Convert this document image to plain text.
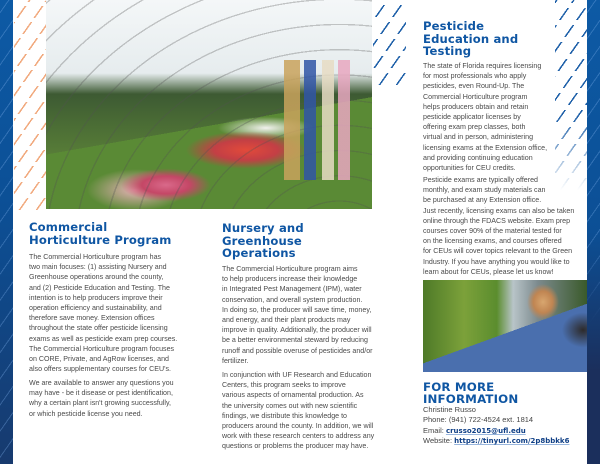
Commercial
Horticulture Program
The Commercial Horticulture program has
two main focuses: (1) assisting Nursery and
Greenhouse operations around the county,
and (2) Pesticide Education and Testing. The
intention is to help producers improve their
operation efficiency and sustainability, and
therefore save money. Extension offices
throughout the state offer pesticide licensing
exams as well as pesticide exam prep courses.
The Commercial Horticulture program focuses
on CORE, Private, and AgRow licenses, and
also offers supplementary courses for CEU's.
We are available to answer any questions you
may have - be it disease or pest identification,
why a certain plant isn't growing successfully,
or which pesticide license you need.
Nursery and
Greenhouse
Operations
The Commercial Horticulture program aims
to help producers increase their knowledge
in Integrated Pest Management (IPM), water
conservation, and overall system production.
In doing so, the producer will save time, money,
and energy, and their plant products may
improve in quality. Additionally, the producer will
be a better environmental steward by reducing
runoff and possible overuse of pesticides and/or
fertilizer.
In conjunction with UF Research and Education
Centers, this program seeks to improve
various aspects of ornamental production. As
the university comes out with new scientific
findings, we distribute this knowledge to
producers around the county. In addition, we will
work with these research centers to address any
questions or problems the producer may have.
Pesticide
Education and
Testing
The state of Florida requires licensing
for most professionals who apply
pesticides, even Round-Up. The
Commercial Horticulture program
helps producers obtain and retain
pesticide applicator licenses by
offering exam prep classes, both
virtual and in person, administering
licensing exams at the Extension office,
and providing continuing education
opportunities for CEU credits.
Pesticide exams are typically offered
monthly, and exam study materials can
be purchased at any Extension office.
Just recently, licensing exams can also be taken
online through the FDACS website. Exam prep
courses cover 90% of the material tested for
on the licensing exams, and courses offered
for CEUs will cover topics relevant to the Green
Industry. If you have anything you would like to
learn about for CEUs, please let us know!
FOR MORE
INFORMATION
Christine Russo
Phone: (941) 722-4524 ext. 1814
Email: crusso2015@ufl.edu
Website: https://tinyurl.com/2p8bbkk6
